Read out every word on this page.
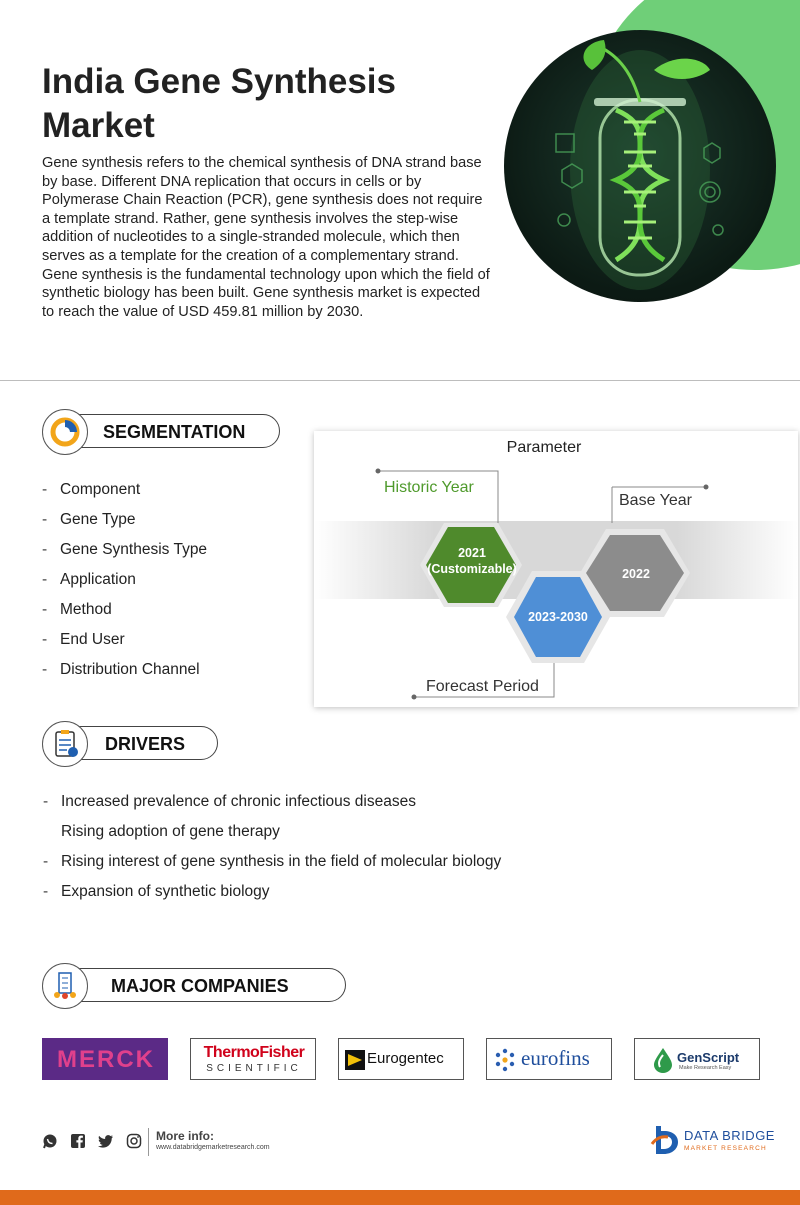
India Gene Synthesis Market
Gene synthesis refers to the chemical synthesis of DNA strand base by base. Different DNA replication that occurs in cells or by Polymerase Chain Reaction (PCR), gene synthesis does not require a template strand. Rather, gene synthesis involves the step-wise addition of nucleotides to a single-stranded molecule, which then serves as a template for the creation of a complementary strand. Gene synthesis is the fundamental technology upon which the field of synthetic biology has been built. Gene synthesis market is expected to reach the value of USD 459.81 million by 2030.
SEGMENTATION
- Component
- Gene Type
- Gene Synthesis Type
- Application
- Method
- End User
- Distribution Channel
Parameter
2021
(Customizable)
2023-2030
2022
Historic Year
Base Year
Forecast Period
DRIVERS
- Increased prevalence of chronic infectious diseases
Rising adoption of gene therapy
- Rising interest of gene synthesis in the field of molecular biology
- Expansion of synthetic biology
MAJOR COMPANIES
MERCK	ThermoFisher
SCIENTIFIC
Eurogentec	eurofins	GenScript
Make Research Easy
More info:
www.databridgemarketresearch.com
DATA BRIDGE
MARKET RESEARCH
